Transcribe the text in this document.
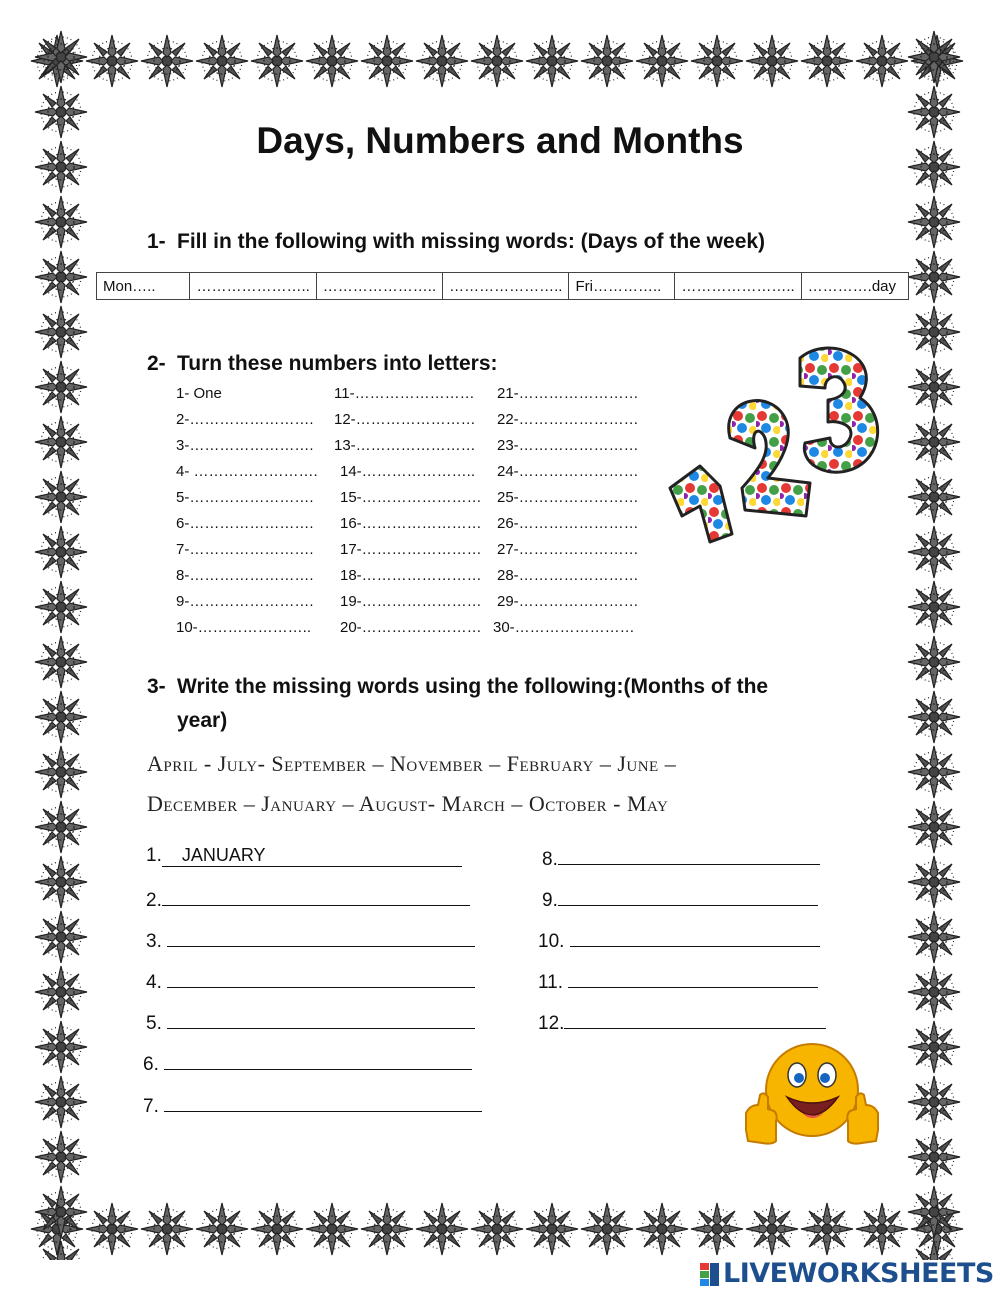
Days, Numbers and Months
1- Fill in the following with missing words: (Days of the week)
Mon…..	…………………..	…………………..	…………………..	Fri…………..	…………………..	………….day
2- Turn these numbers into letters:
1- One
2-…………………….
3-…………………….
4- …………………….
5-…………………….
6-…………………….
7-…………………….
8-…………………….
9-…………………….
10-…………………..
11-……………………
12-……………………
13-……………………
14-…………………..
15-……………………
16-……………………
17-……………………
18-……………………
19-……………………
20-……………………
21-……………………
22-……………………
23-……………………
24-……………………
25-……………………
26-……………………
27-……………………
28-……………………
29-……………………
30-……………………
3- Write the missing words using the following:(Months of the
year)
April - July- September – November – February – June –
December – January – August- March – October - May
1. JANUARY
2.
3.
4.
5.
6.
7.
8.
9.
10.
11.
12.
LIVEWORKSHEETS
